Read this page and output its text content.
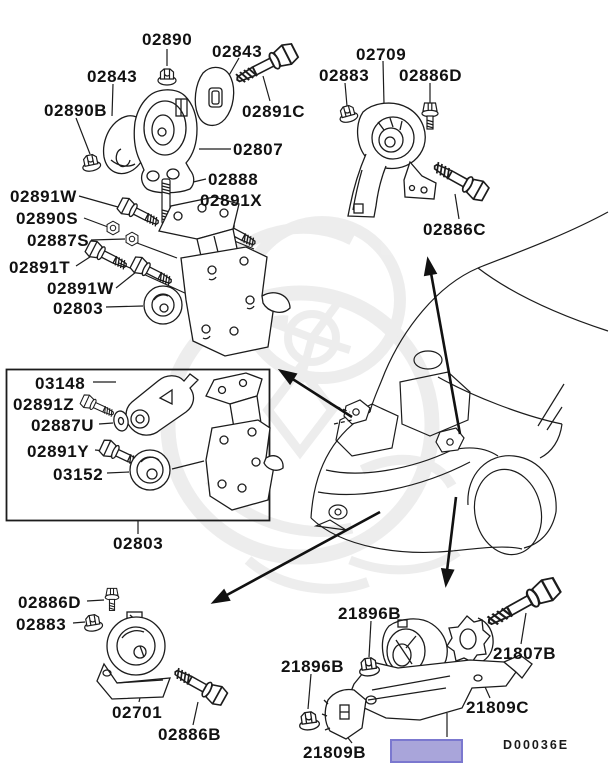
02890
02843
02843
02890B	02891C
02807
02888
02891X
02891W
02890S
02887S
02891T
02891W
02803
03148
02891Z
02887U
02891Y
03152
02803
02709
02883 02886D
02886C
02886D
02883
02701
02886B
21896B
21896B
21807B
21809C
21809B	D00036E
